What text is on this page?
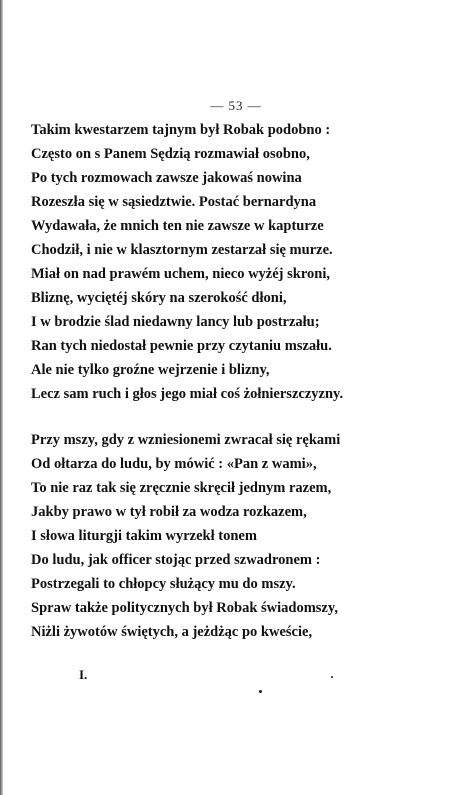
— 53 —
Takim kwestarzem tajnym był Robak podobno :
Często on s Panem Sędzią rozmawiał osobno,
Po tych rozmowach zawsze jakowaś nowina
Rozeszła się w sąsiedztwie. Postać bernardyna
Wydawała, że mnich ten nie zawsze w kapturze
Chodził, i nie w klasztornym zestarzał się murze.
Miał on nad prawém uchem, nieco wyżéj skroni,
Bliznę, wyciętéj skóry na szerokość dłoni,
I w brodzie ślad niedawny lancy lub postrzału;
Ran tych niedostał pewnie przy czytaniu mszału.
Ale nie tylko groźne wejrzenie i blizny,
Lecz sam ruch i głos jego miał coś żołnierszczyzny.
Przy mszy, gdy z wzniesionemi zwracał się rękami
Od ołtarza do ludu, by mówić : «Pan z wami»,
To nie raz tak się zręcznie skręcił jednym razem,
Jakby prawo w tył robił za wodza rozkazem,
I słowa liturgji takim wyrzekł tonem
Do ludu, jak officer stojąc przed szwadronem :
Postrzegali to chłopcy służący mu do mszy.
Spraw także politycznych był Robak świadomszy,
Niżli żywotów świętych, a jeżdżąc po kweście,
I.
